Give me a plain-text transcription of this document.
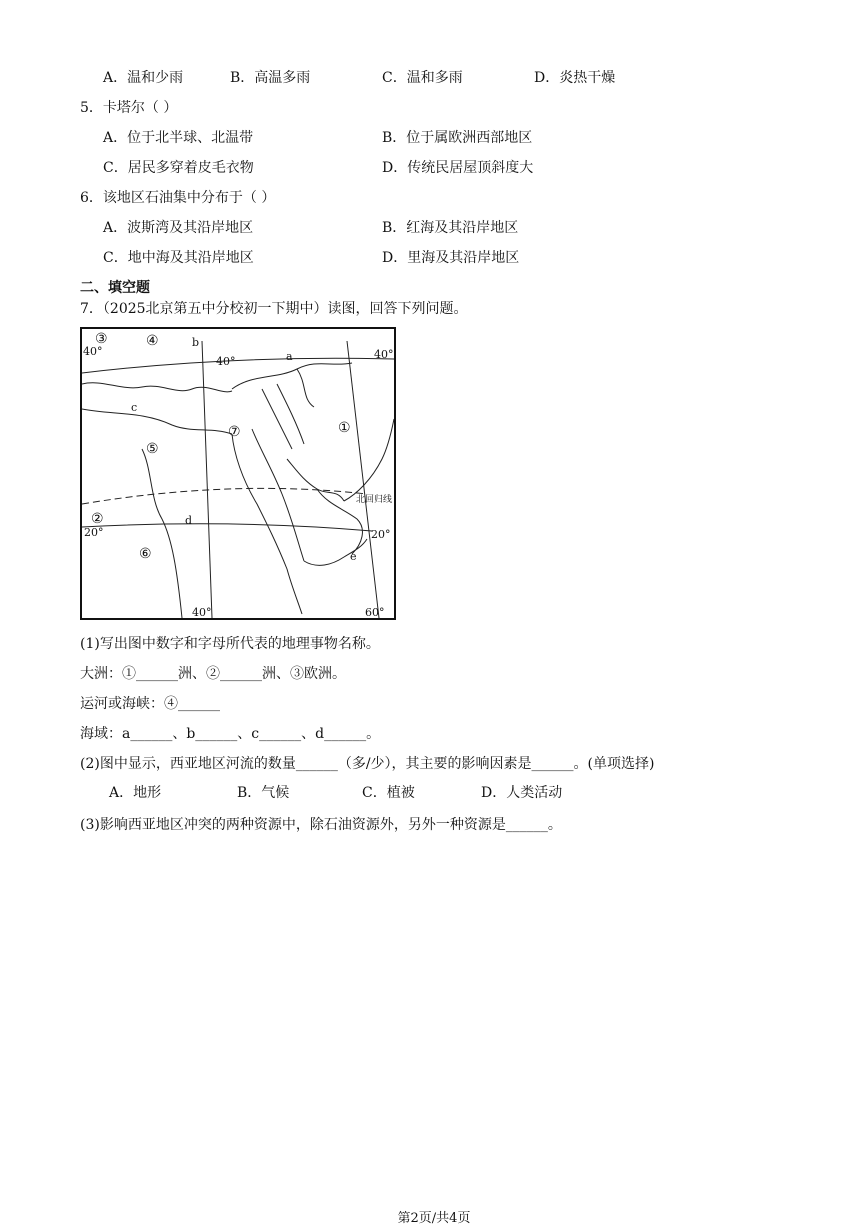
A．温和少雨	B．高温多雨	C．温和多雨	D．炎热干燥
5．卡塔尔（ ）
A．位于北半球、北温带	B．位于属欧洲西部地区
C．居民多穿着皮毛衣物	D．传统民居屋顶斜度大
6．该地区石油集中分布于（ ）
A．波斯湾及其沿岸地区	B．红海及其沿岸地区
C．地中海及其沿岸地区	D．里海及其沿岸地区
二、填空题
7．（2025北京第五中分校初一下期中）读图，回答下列问题。
③	④	b
a
40°
40°
40°
c
①
⑦
⑤
北回归线
②
20°
d
20°
⑥	e
40°	60°
(1)写出图中数字和字母所代表的地理事物名称。
大洲：①______洲、②______洲、③欧洲。
运河或海峡：④______
海域：a______、b______、c______、d______。
(2)图中显示，西亚地区河流的数量______（多/少），其主要的影响因素是______。(单项选择)
A．地形	B．气候	C．植被	D．人类活动
(3)影响西亚地区冲突的两种资源中，除石油资源外，另外一种资源是______。
第2页/共4页
